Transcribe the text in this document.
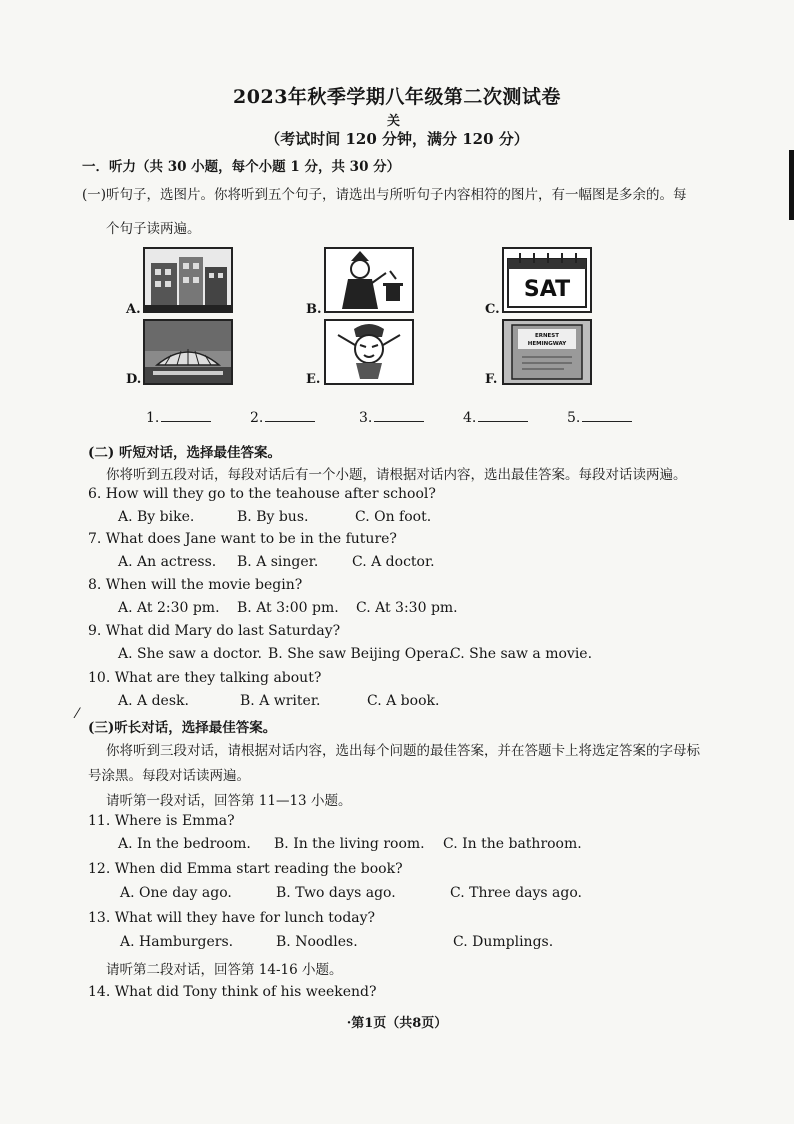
2023年秋季学期八年级第二次测试卷
关
（考试时间 120 分钟，满分 120 分）
一．听力（共 30 小题，每个小题 1 分，共 30 分）
(一)听句子，选图片。你将听到五个句子，请选出与所听句子内容相符的图片，有一幅图是多余的。每
个句子读两遍。
A.	B.	C.
SAT
D.	E.	F.
ERNEST
HEMINGWAY
1.	2.	3.	4.	5.
(二) 听短对话，选择最佳答案。
你将听到五段对话，每段对话后有一个小题，请根据对话内容，选出最佳答案。每段对话读两遍。
6. How will they go to the teahouse after school?
A. By bike.	B. By bus.	C. On foot.
7. What does Jane want to be in the future?
A. An actress. B. A singer. C. A doctor.
8. When will the movie begin?
A. At 2:30 pm. B. At 3:00 pm. C. At 3:30 pm.
9. What did Mary do last Saturday?
A. She saw a doctor. B. She saw Beijing Opera.
C. She saw a movie.
10. What are they talking about?
A. A desk.	B. A writer.	C. A book.
⁄
(三)听长对话，选择最佳答案。
你将听到三段对话，请根据对话内容，选出每个问题的最佳答案，并在答题卡上将选定答案的字母标
号涂黑。每段对话读两遍。
请听第一段对话，回答第 11—13 小题。
11. Where is Emma?
A. In the bedroom. B. In the living room. C. In the bathroom.
12. When did Emma start reading the book?
A. One day ago.	B. Two days ago.	C. Three days ago.
13. What will they have for lunch today?
A. Hamburgers.	B. Noodles.	C. Dumplings.
请听第二段对话，回答第 14-16 小题。
14. What did Tony think of his weekend?
·第1页（共8页）
